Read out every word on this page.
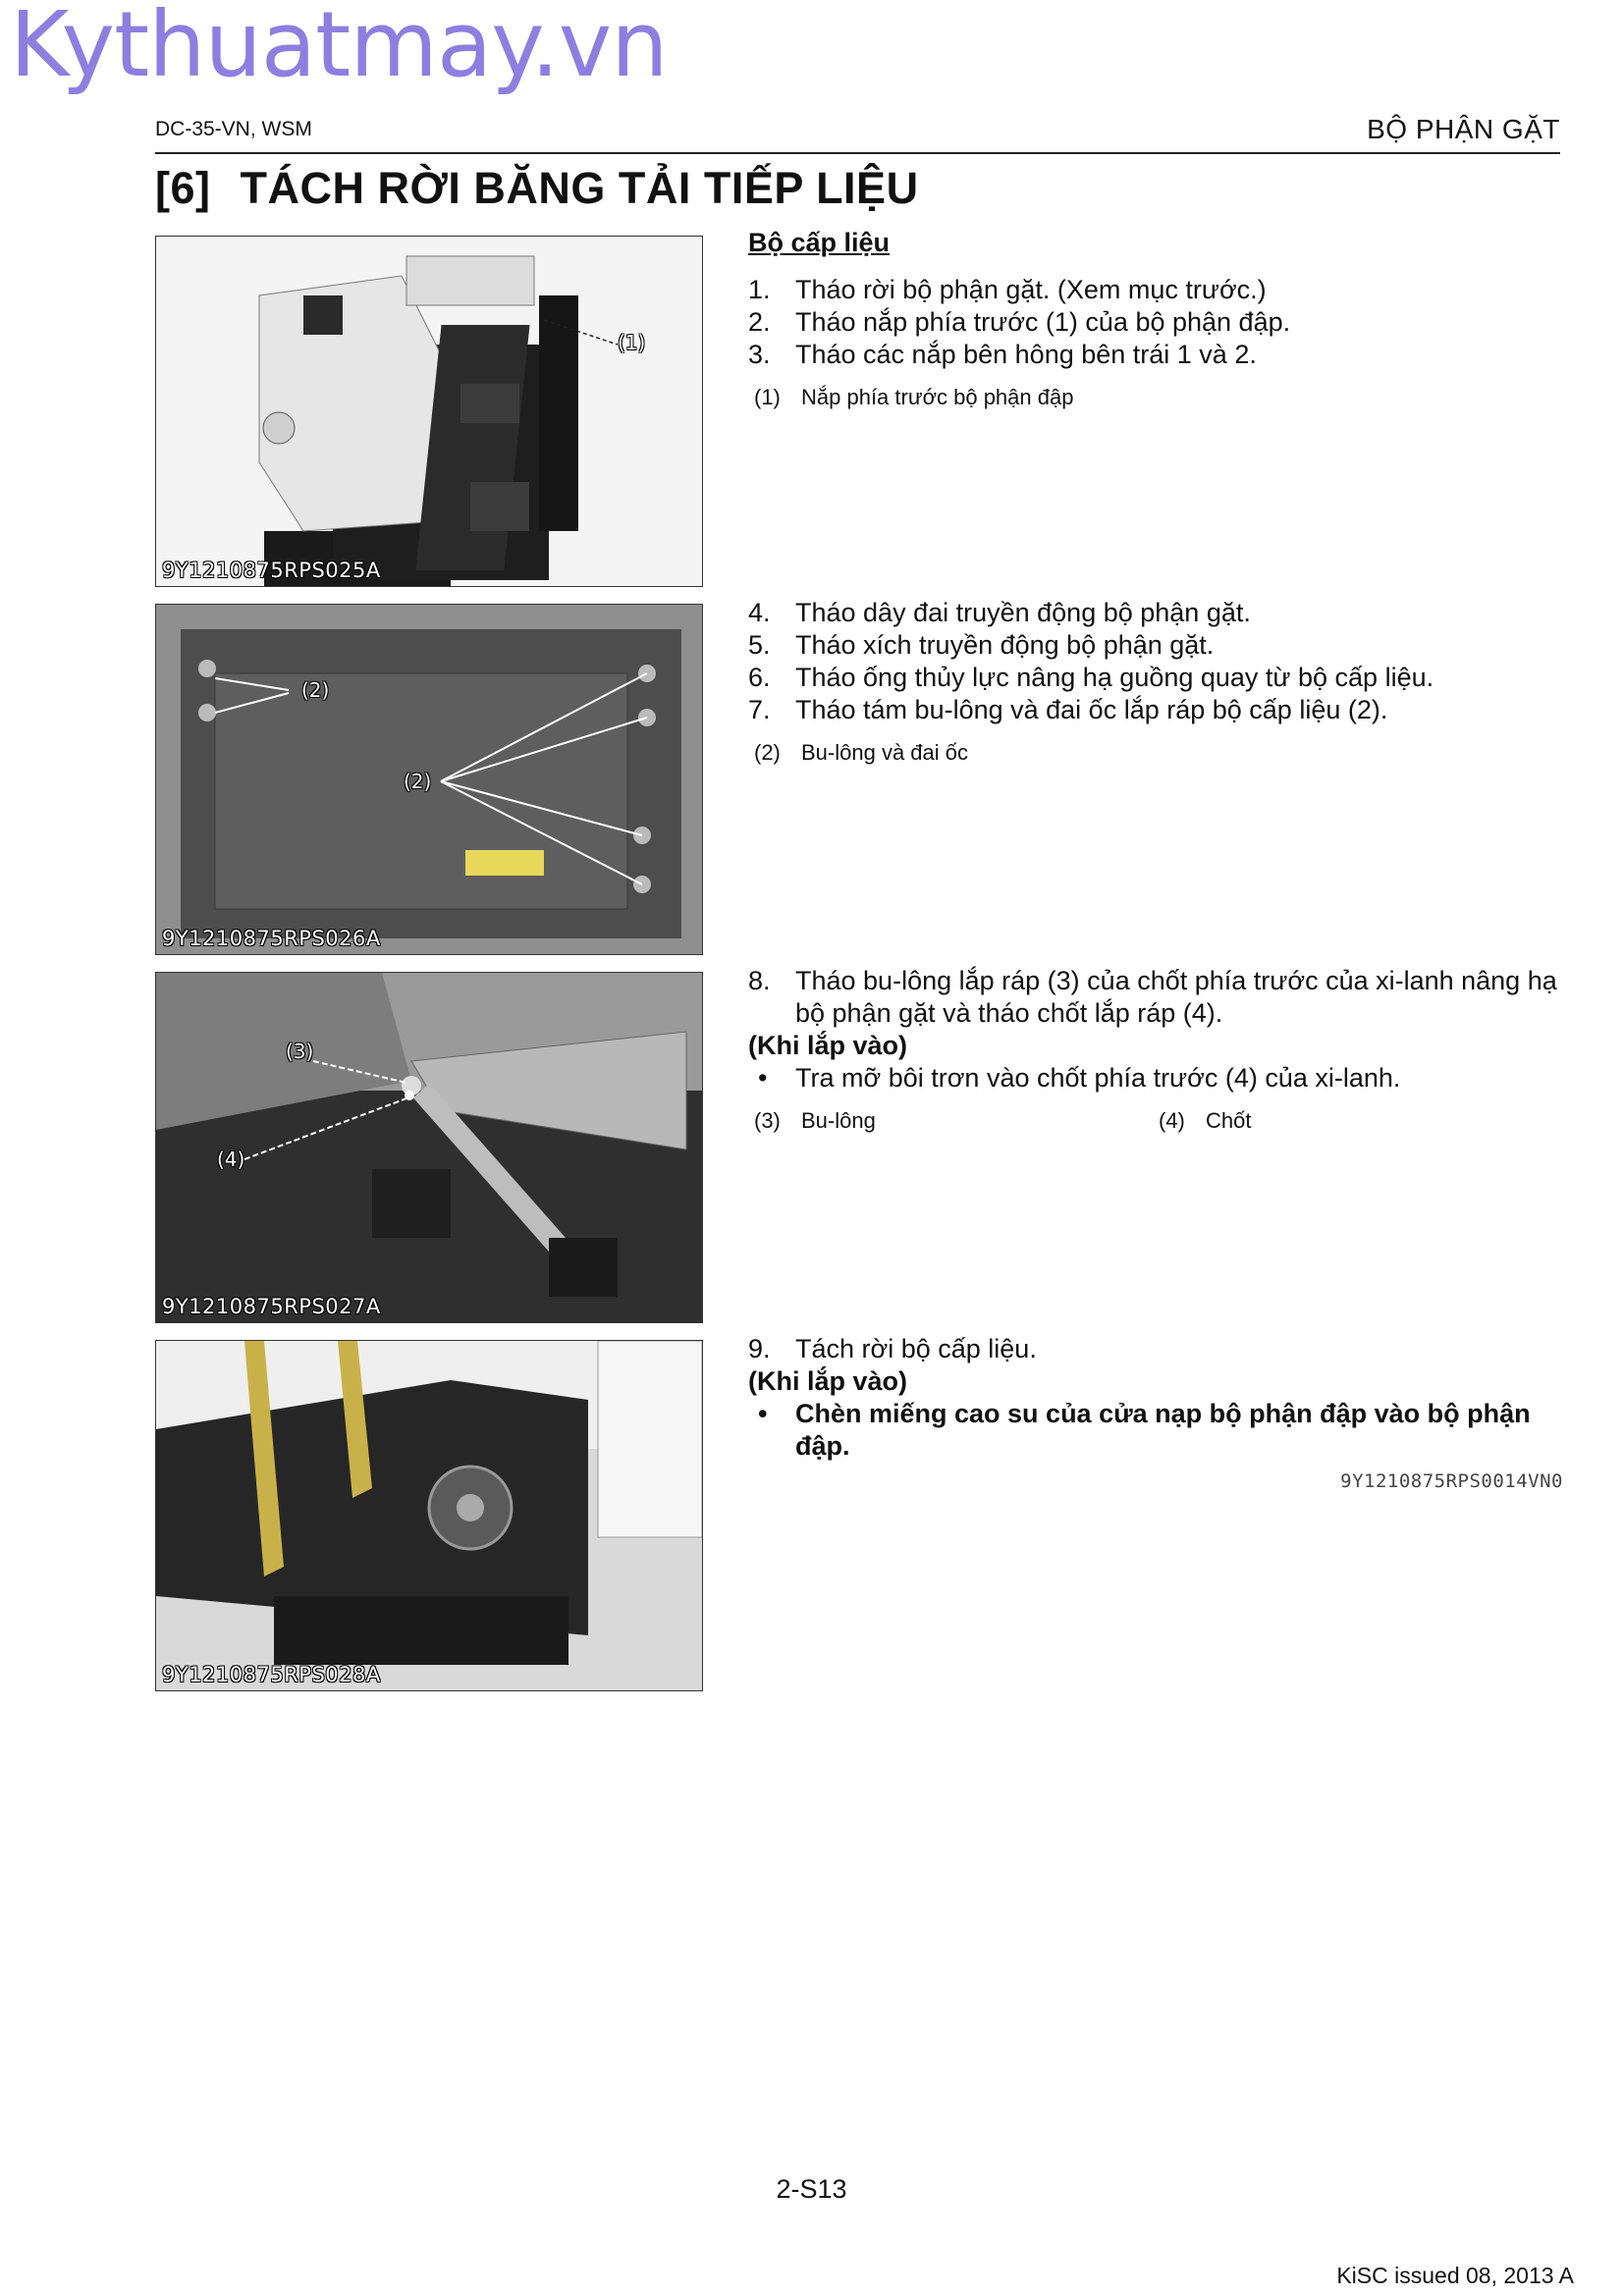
Kythuatmay.vn
DC-35-VN, WSM	BỘ PHẬN GẶT
[6] TÁCH RỜI BĂNG TẢI TIẾP LIỆU
(1)
9Y1210875RPS025A
(2)
(2)
9Y1210875RPS026A
(3)
(4)
9Y1210875RPS027A
9Y1210875RPS028A
Bộ cấp liệu
1. Tháo rời bộ phận gặt. (Xem mục trước.)
2. Tháo nắp phía trước (1) của bộ phận đập.
3. Tháo các nắp bên hông bên trái 1 và 2.
(1) Nắp phía trước bộ phận đập
4. Tháo dây đai truyền động bộ phận gặt.
5. Tháo xích truyền động bộ phận gặt.
6. Tháo ống thủy lực nâng hạ guồng quay từ bộ cấp liệu.
7. Tháo tám bu-lông và đai ốc lắp ráp bộ cấp liệu (2).
(2) Bu-lông và đai ốc
8. Tháo bu-lông lắp ráp (3) của chốt phía trước của xi-lanh nâng hạ bộ phận gặt và tháo chốt lắp ráp (4).
(Khi lắp vào)
•	Tra mỡ bôi trơn vào chốt phía trước (4) của xi-lanh.
(3) Bu-lông	(4) Chốt
9. Tách rời bộ cấp liệu.
(Khi lắp vào)
•	Chèn miếng cao su của cửa nạp bộ phận đập vào bộ phận đập.
9Y1210875RPS0014VN0
2-S13
KiSC issued 08, 2013 A
